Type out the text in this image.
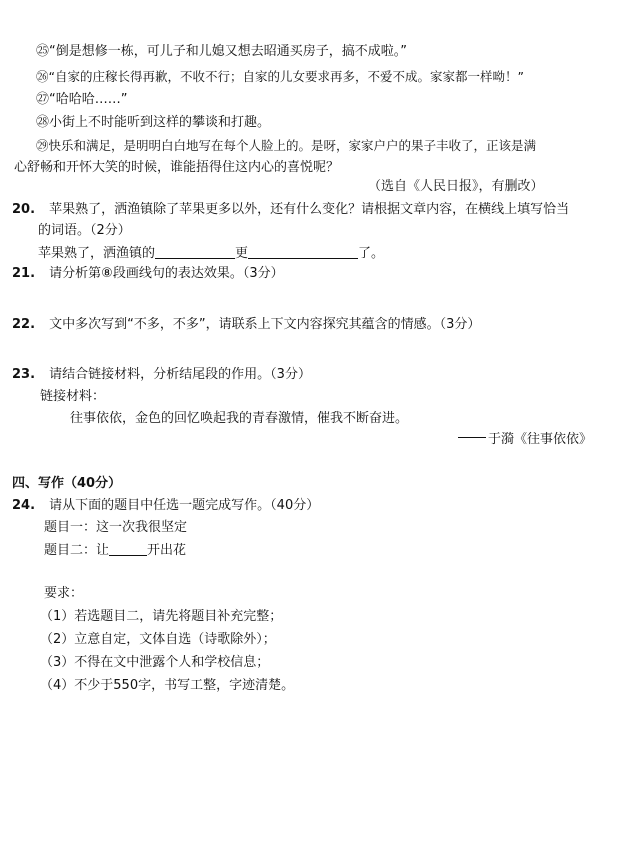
㉕“倒是想修一栋，可儿子和儿媳又想去昭通买房子，搞不成啦。”
㉖“自家的庄稼长得再歉，不收不行；自家的儿女要求再多，不爱不成。家家都一样呦！”
㉗“哈哈哈……”
㉘小街上不时能听到这样的攀谈和打趣。
㉙快乐和满足，是明明白白地写在每个人脸上的。是呀，家家户户的果子丰收了，正该是满
心舒畅和开怀大笑的时候，谁能捂得住这内心的喜悦呢？
（选自《人民日报》，有删改）
20. 苹果熟了，洒渔镇除了苹果更多以外，还有什么变化？请根据文章内容，在横线上填写恰当
的词语。（2分）
苹果熟了，洒渔镇的	更	了。
21. 请分析第⑧段画线句的表达效果。（3分）
22. 文中多次写到“不多，不多”，请联系上下文内容探究其蕴含的情感。（3分）
23. 请结合链接材料，分析结尾段的作用。（3分）
链接材料：
往事依依，金色的回忆唤起我的青春激情，催我不断奋进。
于漪《往事依依》
四、写作（40分）
24. 请从下面的题目中任选一题完成写作。（40分）
题目一：这一次我很坚定
题目二：让	开出花
要求：
（1）若选题目二，请先将题目补充完整；
（2）立意自定，文体自选（诗歌除外）；
（3）不得在文中泄露个人和学校信息；
（4）不少于550字，书写工整，字迹清楚。
